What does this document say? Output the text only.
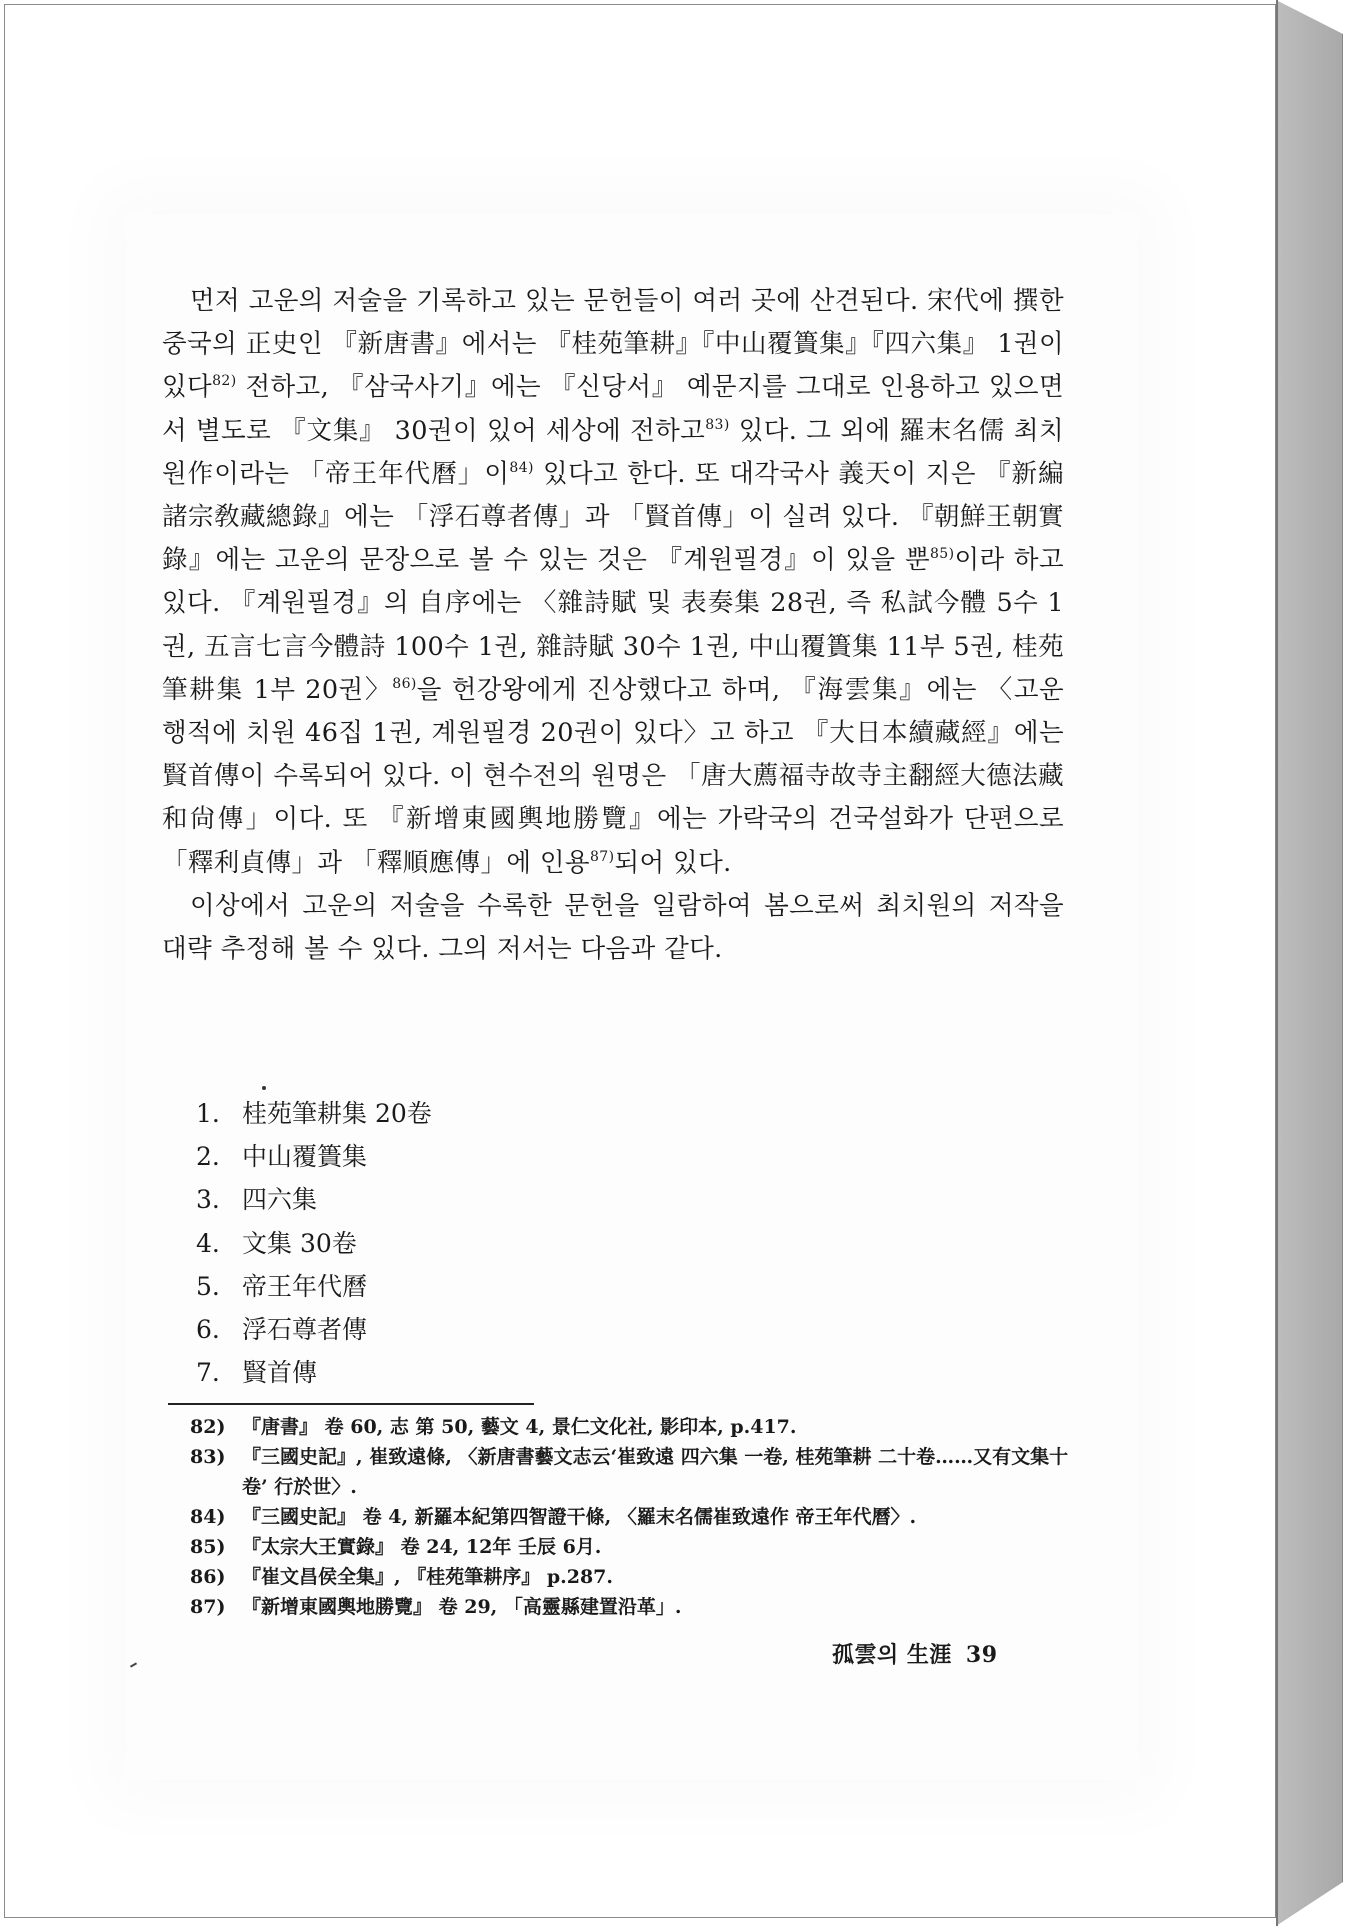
먼저 고운의 저술을 기록하고 있는 문헌들이 여러 곳에 산견된다. 宋代에 撰한 중국의 正史인 『新唐書』에서는 『桂苑筆耕』『中山覆簣集』『四六集』 1권이 있다$^{82)}$ 전하고, 『삼국사기』에는 『신당서』 예문지를 그대로 인용하고 있으면서 별도로 『文集』 30권이 있어 세상에 전하고$^{83)}$ 있다. 그 외에 羅末名儒 최치원作이라는 「帝王年代曆」이$^{84)}$ 있다고 한다. 또 대각국사 義天이 지은 『新編諸宗敎藏總錄』에는 「浮石尊者傳」과 「賢首傳」이 실려 있다. 『朝鮮王朝實錄』에는 고운의 문장으로 볼 수 있는 것은 『계원필경』이 있을 뿐$^{85)}$이라 하고 있다. 『계원필경』의 自序에는 〈雜詩賦 및 表奏集 28권, 즉 私試今體 5수 1권, 五言七言今體詩 100수 1권, 雜詩賦 30수 1권, 中山覆簣集 11부 5권, 桂苑筆耕集 1부 20권〉$^{86)}$을 헌강왕에게 진상했다고 하며, 『海雲集』에는 〈고운 행적에 치원 46집 1권, 계원필경 20권이 있다〉고 하고 『大日本續藏經』에는 賢首傳이 수록되어 있다. 이 현수전의 원명은 「唐大薦福寺故寺主翻經大德法藏和尙傳」이다. 또 『新增東國輿地勝覽』에는 가락국의 건국설화가 단편으로 「釋利貞傳」과 「釋順應傳」에 인용$^{87)}$되어 있다.

이상에서 고운의 저술을 수록한 문헌을 일람하여 봄으로써 최치원의 저작을 대략 추정해 볼 수 있다. 그의 저서는 다음과 같다.

1. 桂苑筆耕集 20卷
2. 中山覆簣集
3. 四六集
4. 文集 30卷
5. 帝王年代曆
6. 浮石尊者傳
7. 賢首傳
82) 『唐書』 卷 60, 志 第 50, 藝文 4, 景仁文化社, 影印本, p.417.
83) 『三國史記』, 崔致遠條, 〈新唐書藝文志云‘崔致遠 四六集 一卷, 桂苑筆耕 二十卷……又有文集十卷’ 行於世〉.
84) 『三國史記』 卷 4, 新羅本紀第四智證干條, 〈羅末名儒崔致遠作 帝王年代曆〉.
85) 『太宗大王實錄』 卷 24, 12年 壬辰 6月.
86) 『崔文昌侯全集』, 『桂苑筆耕序』 p.287.
87) 『新增東國輿地勝覽』 卷 29, 「高靈縣建置沿革」.
孤雲의 生涯 39
